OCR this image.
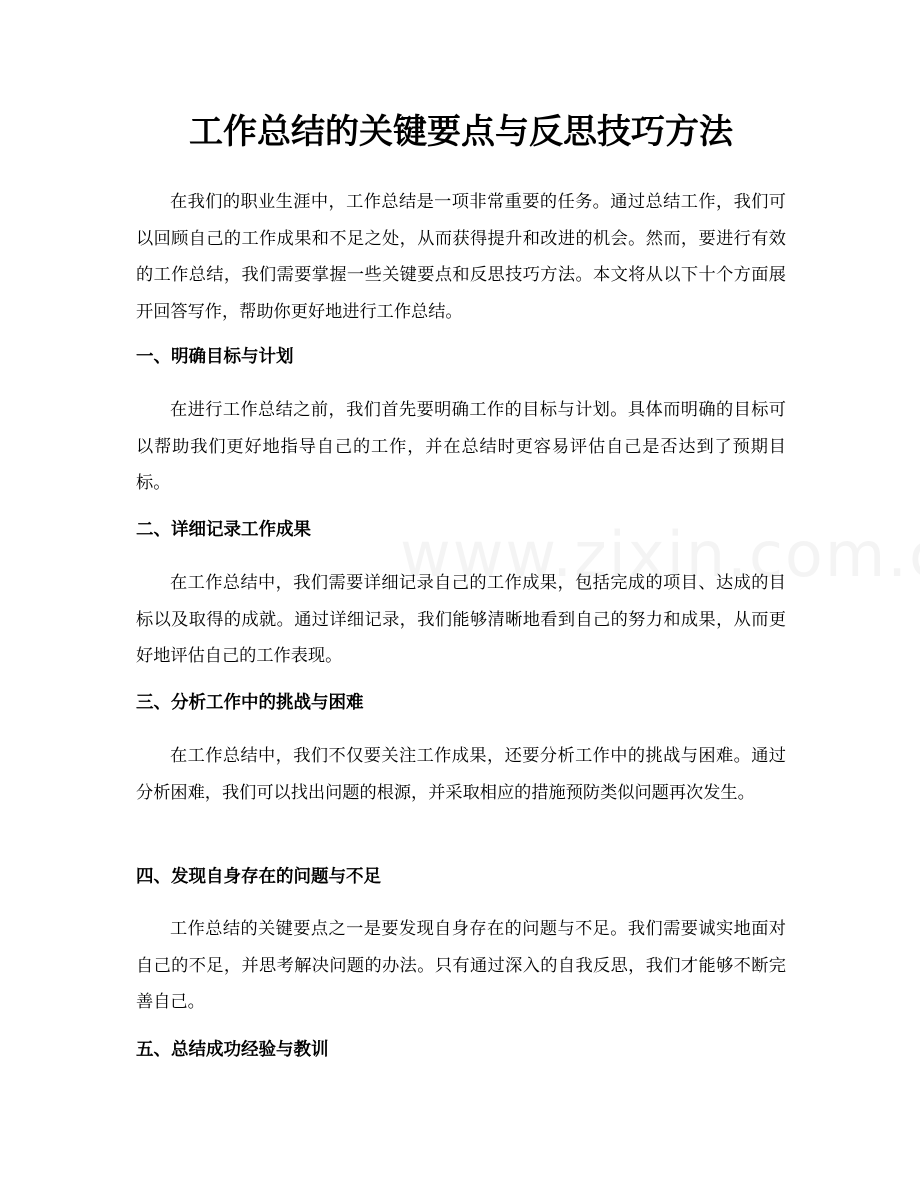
工作总结的关键要点与反思技巧方法

在我们的职业生涯中，工作总结是一项非常重要的任务。通过总结工作，我们可以回顾自己的工作成果和不足之处，从而获得提升和改进的机会。然而，要进行有效的工作总结，我们需要掌握一些关键要点和反思技巧方法。本文将从以下十个方面展开回答写作，帮助你更好地进行工作总结。

一、明确目标与计划

在进行工作总结之前，我们首先要明确工作的目标与计划。具体而明确的目标可以帮助我们更好地指导自己的工作，并在总结时更容易评估自己是否达到了预期目标。

二、详细记录工作成果

在工作总结中，我们需要详细记录自己的工作成果，包括完成的项目、达成的目标以及取得的成就。通过详细记录，我们能够清晰地看到自己的努力和成果，从而更好地评估自己的工作表现。

三、分析工作中的挑战与困难

在工作总结中，我们不仅要关注工作成果，还要分析工作中的挑战与困难。通过分析困难，我们可以找出问题的根源，并采取相应的措施预防类似问题再次发生。

四、发现自身存在的问题与不足

工作总结的关键要点之一是要发现自身存在的问题与不足。我们需要诚实地面对自己的不足，并思考解决问题的办法。只有通过深入的自我反思，我们才能够不断完善自己。

五、总结成功经验与教训
